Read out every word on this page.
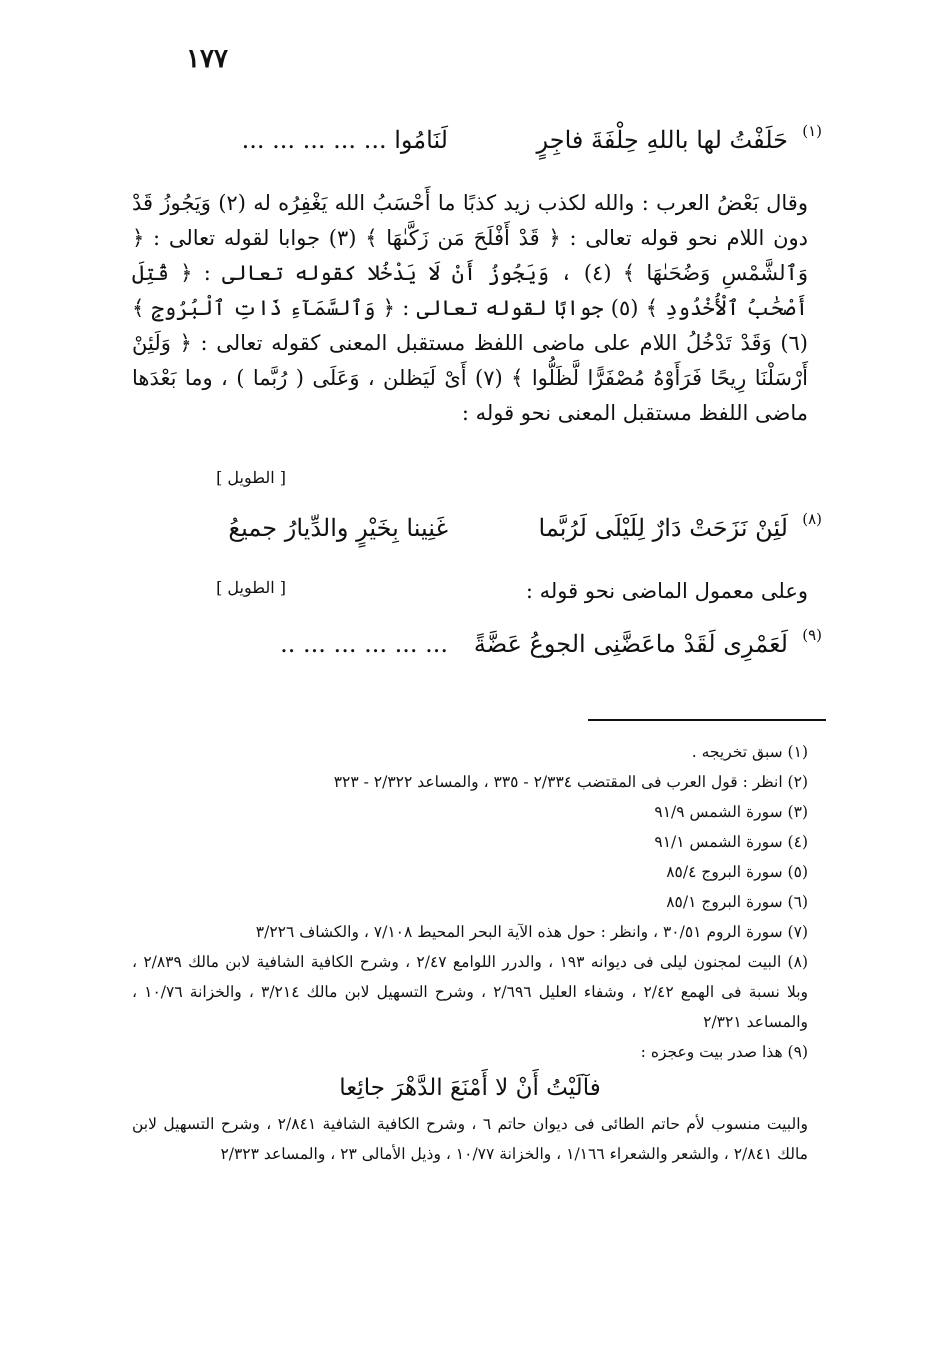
١٧٧
حَلَفْتُ لها باللهِ حِلْفَةَ فاجِرٍ
لَنَامُوا ... ... ... ... ...	(١)
وقال بَعْضُ العرب : والله لكذب زيد كذبًا ما أَحْسَبُ الله يَغْفِرُه له (٢) وَيَجُوزُ قَدْ دون اللام نحو قوله تعالى : ﴿ قَدْ أَفْلَحَ مَن زَكَّىٰهَا ﴾ (٣) جوابا لقوله تعالى : ﴿ وَٱلشَّمْسِ وَضُحَىٰهَا ﴾ (٤) ، وَيَجُوزُ أَنْ لَا يَدْخُلا كقوله تعالى : ﴿ قُتِلَ أَصْحَٰبُ ٱلْأُخْدُودِ ﴾ (٥) جوابًا لقوله تعالى : ﴿ وَٱلسَّمَآءِ ذَاتِ ٱلْبُرُوجِ ﴾ (٦) وَقَدْ تَدْخُلُ اللام على ماضى اللفظ مستقبل المعنى كقوله تعالى : ﴿ وَلَئِنْ أَرْسَلْنَا رِيحًا فَرَأَوْهُ مُصْفَرًّا لَّظَلُّوا ﴾ (٧) أَىْ لَيَظلن ، وَعَلَى ( رُبَّما ) ، وما بَعْدَها ماضى اللفظ مستقبل المعنى نحو قوله :
[ الطويل ]
لَئِنْ نَزَحَتْ دَارٌ لِلَيْلَى لَرُبَّما
غَنِينا بِخَيْرٍ والدِّيارُ جميعُ	(٨)
وعلى معمول الماضى نحو قوله :
[ الطويل ]
لَعَمْرِى لَقَدْ ماعَضَّنِى الجوعُ عَضَّةً
... ... ... ... ... ..	(٩)

(١) سبق تخريجه .

(٢) انظر : قول العرب فى المقتضب ٢/٣٣٤ - ٣٣٥ ، والمساعد ٢/٣٢٢ - ٣٢٣

(٣) سورة الشمس ٩١/٩

(٤) سورة الشمس ٩١/١

(٥) سورة البروج ٨٥/٤

(٦) سورة البروج ٨٥/١

(٧) سورة الروم ٣٠/٥١ ، وانظر : حول هذه الآية البحر المحيط ٧/١٠٨ ، والكشاف ٣/٢٢٦

(٨) البيت لمجنون ليلى فى ديوانه ١٩٣ ، والدرر اللوامع ٢/٤٧ ، وشرح الكافية الشافية لابن مالك ٢/٨٣٩ ، وبلا نسبة فى الهمع ٢/٤٢ ، وشفاء العليل ٢/٦٩٦ ، وشرح التسهيل لابن مالك ٣/٢١٤ ، والخزانة ١٠/٧٦ ، والمساعد ٢/٣٢١

(٩) هذا صدر بيت وعجزه :

فآلَيْتُ أَنْ لا أَمْنَعَ الدَّهْرَ جائِعا

والبيت منسوب لأم حاتم الطائى فى ديوان حاتم ٦ ، وشرح الكافية الشافية ٢/٨٤١ ، وشرح التسهيل لابن مالك ٢/٨٤١ ، والشعر والشعراء ١/١٦٦ ، والخزانة ١٠/٧٧ ، وذيل الأمالى ٢٣ ، والمساعد ٢/٣٢٣
